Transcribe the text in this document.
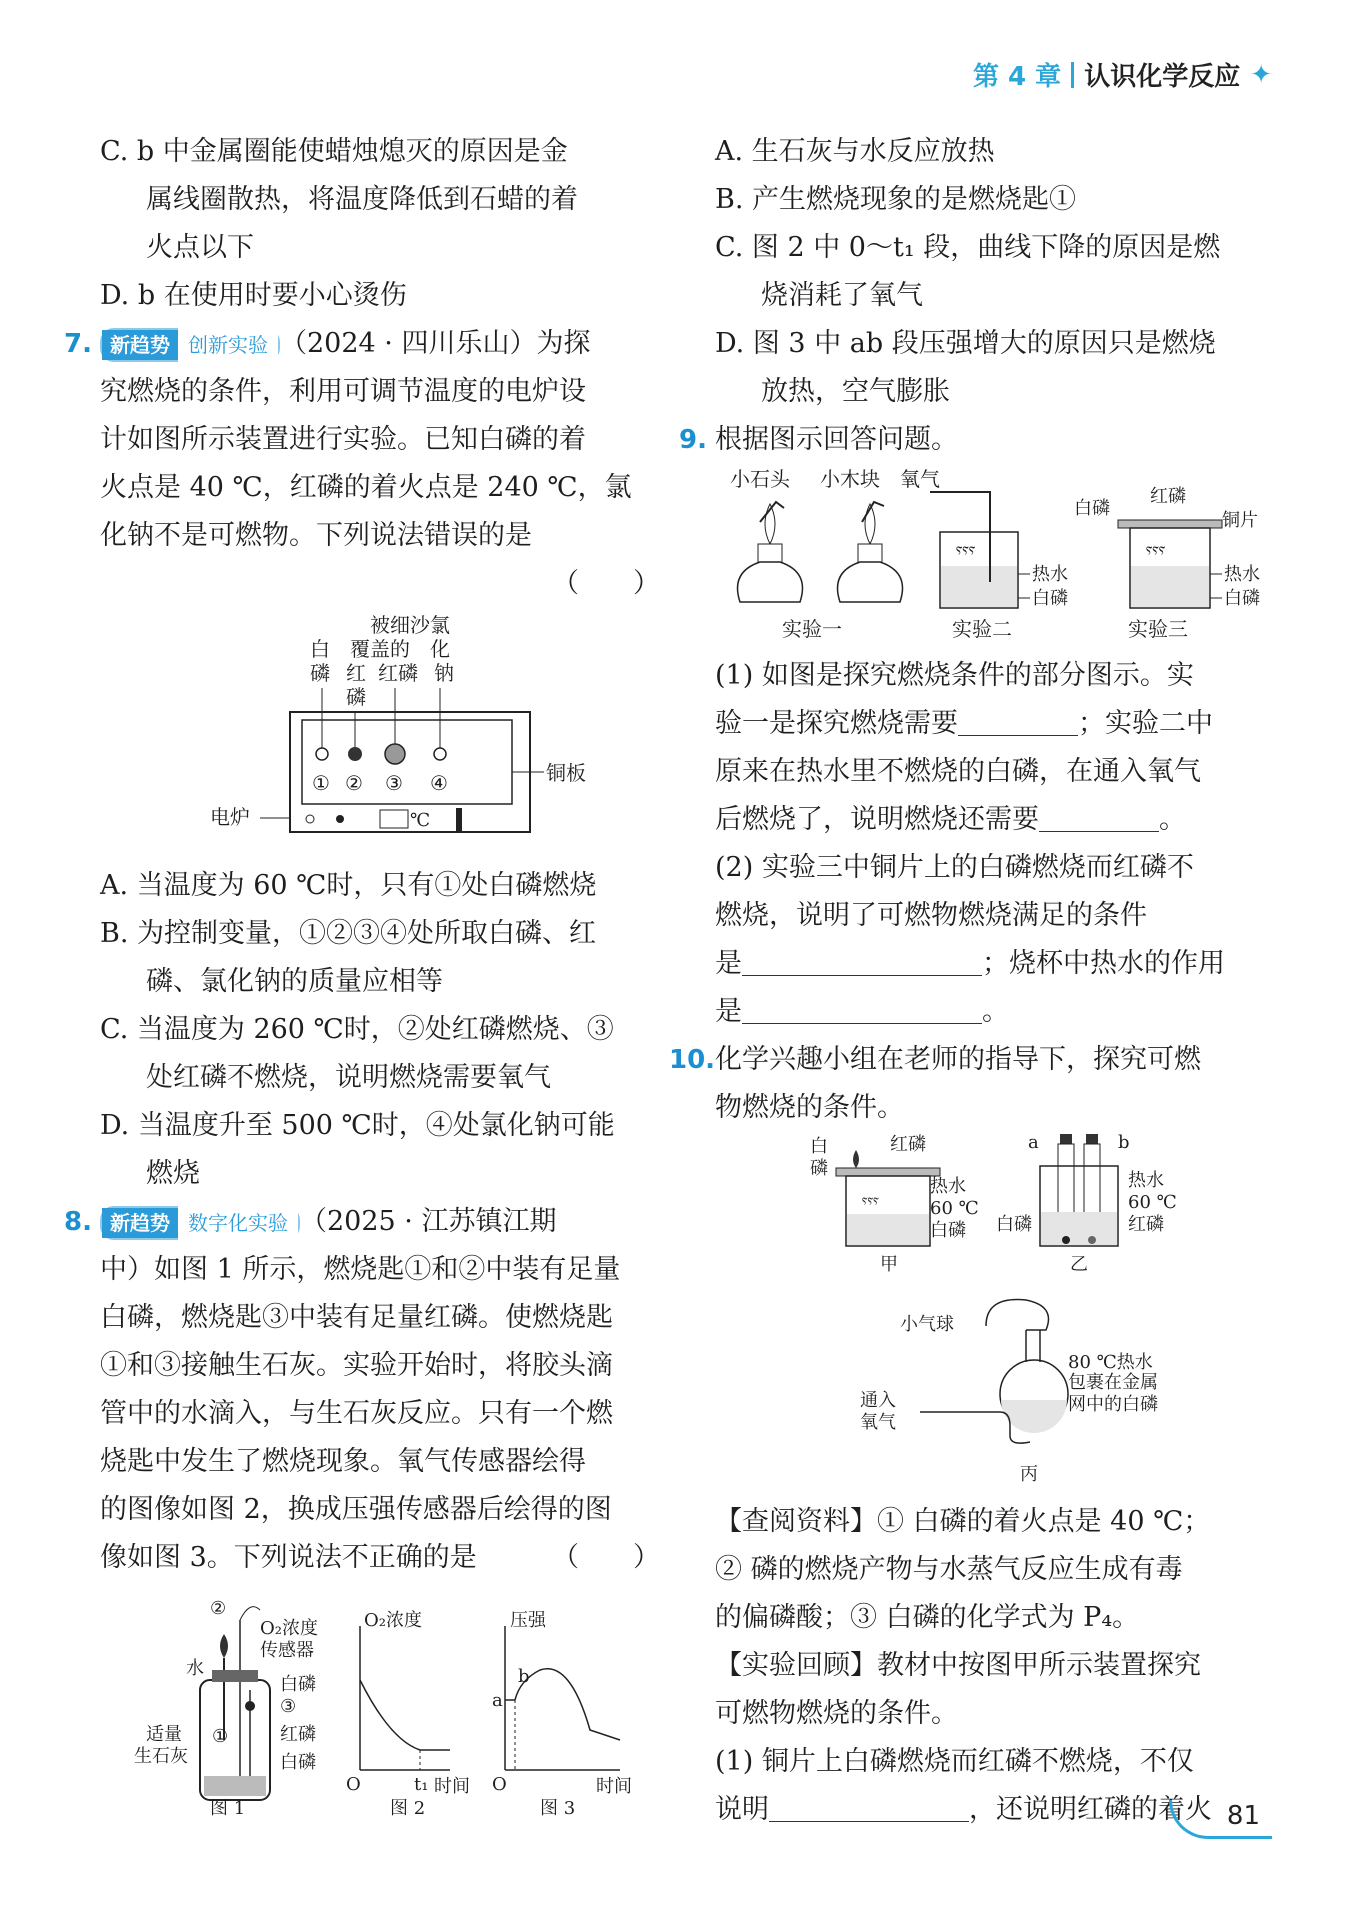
第 4 章 认识化学反应 ✦
C. b 中金属圈能使蜡烛熄灭的原因是金
属线圈散热，将温度降低到石蜡的着
火点以下
D. b 在使用时要小心烫伤
7. 新趋势 创新实验 （2024 · 四川乐山）为探
究燃烧的条件，利用可调节温度的电炉设
计如图所示装置进行实验。已知白磷的着
火点是 40 ℃，红磷的着火点是 240 ℃，氯
化钠不是可燃物。下列说法错误的是
（　　）
被细沙 氯
覆盖的 化
白
磷 红
磷
红磷 钠
① ② ③ ④	铜板
℃
电炉
A. 当温度为 60 ℃时，只有①处白磷燃烧
B. 为控制变量，①②③④处所取白磷、红
磷、氯化钠的质量应相等
C. 当温度为 260 ℃时，②处红磷燃烧、③
处红磷不燃烧，说明燃烧需要氧气
D. 当温度升至 500 ℃时，④处氯化钠可能
燃烧
8. 新趋势 数字化实验 （2025 · 江苏镇江期
中）如图 1 所示，燃烧匙①和②中装有足量
白磷，燃烧匙③中装有足量红磷。使燃烧匙
①和③接触生石灰。实验开始时，将胶头滴
管中的水滴入，与生石灰反应。只有一个燃
烧匙中发生了燃烧现象。氧气传感器绘得
的图像如图 2，换成压强传感器后绘得的图
像如图 3。下列说法不正确的是	（　　）
②
O₂浓度
传感器
水
白磷
③
①	红磷
白磷
适量
生石灰
图 1
O₂浓度
O	t₁ 时间
图 2
压强
a
b
O	时间
图 3
A. 生石灰与水反应放热
B. 产生燃烧现象的是燃烧匙①
C. 图 2 中 0～t₁ 段，曲线下降的原因是燃
烧消耗了氧气
D. 图 3 中 ab 段压强增大的原因只是燃烧
放热，空气膨胀
9. 根据图示回答问题。
小石头 小木块 氧气
ⲋⲋⲋ
热水
白磷
白磷
红磷
铜片
ⲋⲋⲋ
热水
白磷
实验一	实验二	实验三
(1) 如图是探究燃烧条件的部分图示。实
验一是探究燃烧需要	；实验二中
原来在热水里不燃烧的白磷，在通入氧气
后燃烧了，说明燃烧还需要	。
(2) 实验三中铜片上的白磷燃烧而红磷不
燃烧，说明了可燃物燃烧满足的条件
是	；烧杯中热水的作用
是	。
10.化学兴趣小组在老师的指导下，探究可燃
物燃烧的条件。
白
磷
红磷
ⲋⲋⲋ
热水
60 ℃
白磷
甲
a	b
热水
60 ℃
红磷
白磷
乙
小气球
80 ℃热水
包裹在金属
网中的白磷
通入
氧气
丙
【查阅资料】① 白磷的着火点是 40 ℃；
② 磷的燃烧产物与水蒸气反应生成有毒
的偏磷酸；③ 白磷的化学式为 P₄。
【实验回顾】教材中按图甲所示装置探究
可燃物燃烧的条件。
(1) 铜片上白磷燃烧而红磷不燃烧，不仅
说明	，还说明红磷的着火 81
